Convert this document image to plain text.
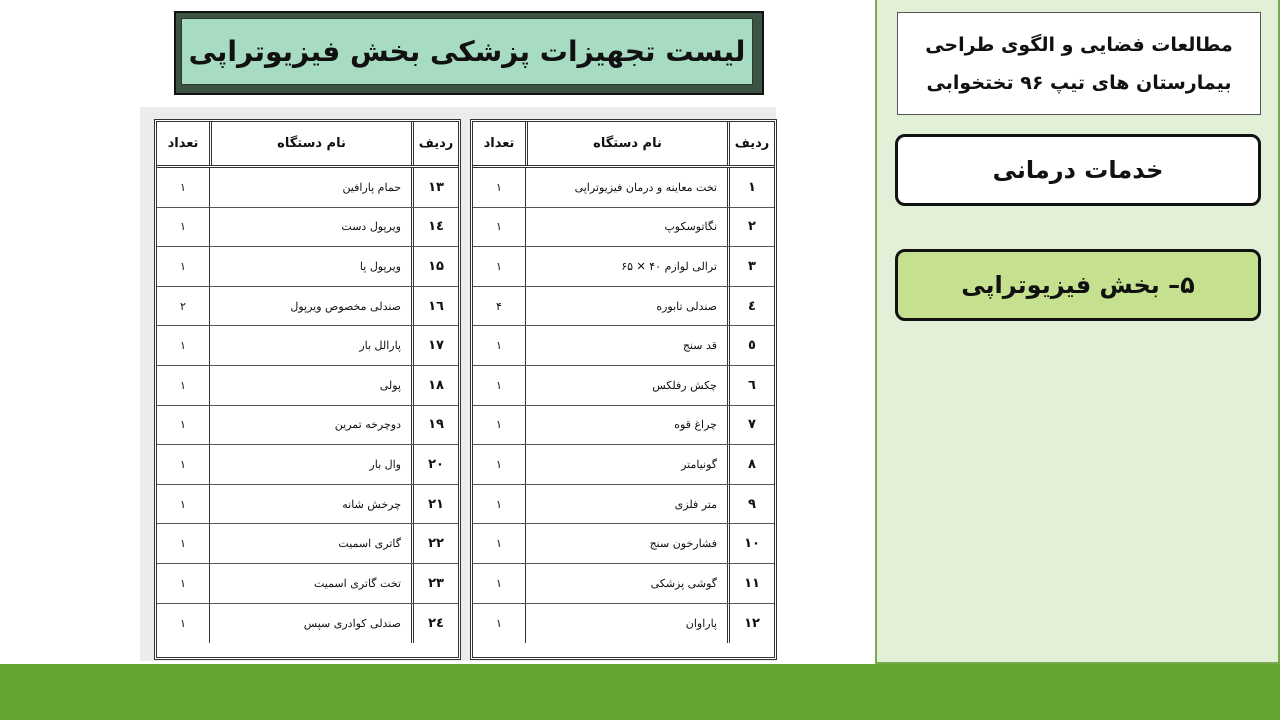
لیست تجهیزات پزشکی بخش فیزیوتراپی
ردیف
نام دستگاه
تعداد
۱
تخت معاینه و درمان فیزیوتراپی
۱
۲
نگاتوسکوپ
۱
۳
ترالی لوازم ۴۰ ✕ ۶۵
۱
٤
صندلی تابوره
۴
٥
قد سنج
۱
٦
چکش رفلکس
۱
۷
چراغ قوه
۱
۸
گونیامتر
۱
۹
متر فلزی
۱
۱۰
فشارخون سنج
۱
۱۱
گوشی پزشکی
۱
۱۲
پاراوان
۱
ردیف
نام دستگاه
تعداد
۱۳
حمام پارافین
۱
١٤
ویرپول دست
۱
۱۵
ویرپول پا
۱
١٦
صندلی مخصوص ویرپول
۲
۱۷
پارالل بار
۱
۱۸
پولی
۱
۱۹
دوچرخه تمرین
۱
۲۰
وال بار
۱
۲۱
چرخش شانه
۱
۲۲
گاتری اسمیت
۱
۲۳
تخت گاتری اسمیت
۱
٢٤
صندلی کوادری سپس
۱
مطالعات فضایی و الگوی طراحی
بیمارستان های تیپ ۹۶ تختخوابی
خدمات درمانی
۵– بخش فیزیوتراپی
